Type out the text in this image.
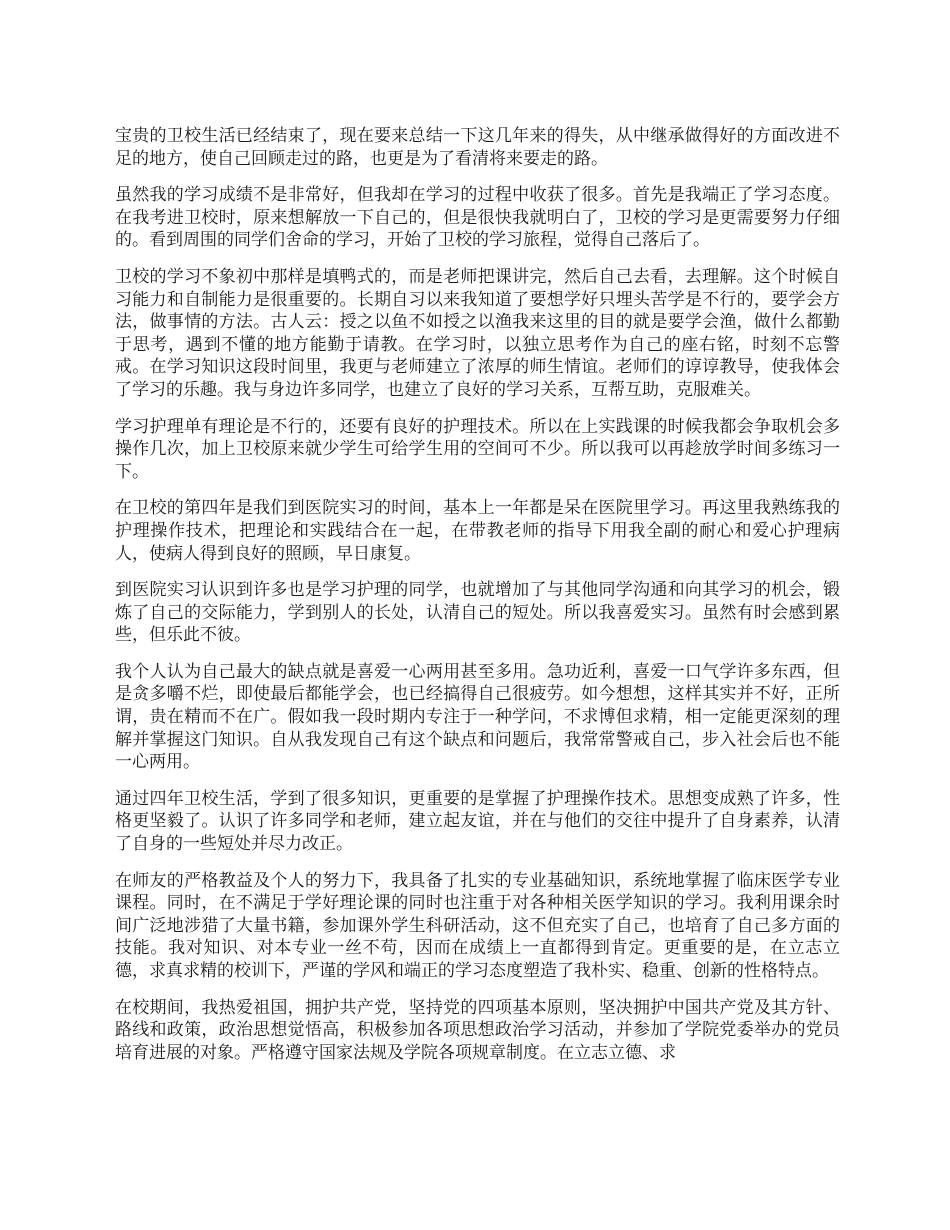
宝贵的卫校生活已经结束了，现在要来总结一下这几年来的得失，从中继承做得好的方面改进不足的地方，使自己回顾走过的路，也更是为了看清将来要走的路。

虽然我的学习成绩不是非常好，但我却在学习的过程中收获了很多。首先是我端正了学习态度。在我考进卫校时，原来想解放一下自己的，但是很快我就明白了，卫校的学习是更需要努力仔细的。看到周围的同学们舍命的学习，开始了卫校的学习旅程，觉得自己落后了。

卫校的学习不象初中那样是填鸭式的，而是老师把课讲完，然后自己去看，去理解。这个时候自习能力和自制能力是很重要的。长期自习以来我知道了要想学好只埋头苦学是不行的，要学会方法，做事情的方法。古人云：授之以鱼不如授之以渔我来这里的目的就是要学会渔，做什么都勤于思考，遇到不懂的地方能勤于请教。在学习时，以独立思考作为自己的座右铭，时刻不忘警戒。在学习知识这段时间里，我更与老师建立了浓厚的师生情谊。老师们的谆谆教导，使我体会了学习的乐趣。我与身边许多同学，也建立了良好的学习关系，互帮互助，克服难关。

学习护理单有理论是不行的，还要有良好的护理技术。所以在上实践课的时候我都会争取机会多操作几次，加上卫校原来就少学生可给学生用的空间可不少。所以我可以再趁放学时间多练习一下。

在卫校的第四年是我们到医院实习的时间，基本上一年都是呆在医院里学习。再这里我熟练我的护理操作技术，把理论和实践结合在一起，在带教老师的指导下用我全副的耐心和爱心护理病人，使病人得到良好的照顾，早日康复。

到医院实习认识到许多也是学习护理的同学，也就增加了与其他同学沟通和向其学习的机会，锻炼了自己的交际能力，学到别人的长处，认清自己的短处。所以我喜爱实习。虽然有时会感到累些，但乐此不彼。

我个人认为自己最大的缺点就是喜爱一心两用甚至多用。急功近利，喜爱一口气学许多东西，但是贪多嚼不烂，即使最后都能学会，也已经搞得自己很疲劳。如今想想，这样其实并不好，正所谓，贵在精而不在广。假如我一段时期内专注于一种学问，不求博但求精，相一定能更深刻的理解并掌握这门知识。自从我发现自己有这个缺点和问题后，我常常警戒自己，步入社会后也不能一心两用。

通过四年卫校生活，学到了很多知识，更重要的是掌握了护理操作技术。思想变成熟了许多，性格更坚毅了。认识了许多同学和老师，建立起友谊，并在与他们的交往中提升了自身素养，认清了自身的一些短处并尽力改正。

在师友的严格教益及个人的努力下，我具备了扎实的专业基础知识，系统地掌握了临床医学专业课程。同时，在不满足于学好理论课的同时也注重于对各种相关医学知识的学习。我利用课余时间广泛地涉猎了大量书籍，参加课外学生科研活动，这不但充实了自己，也培育了自己多方面的技能。我对知识、对本专业一丝不苟，因而在成绩上一直都得到肯定。更重要的是，在立志立德，求真求精的校训下，严谨的学风和端正的学习态度塑造了我朴实、稳重、创新的性格特点。

在校期间，我热爱祖国，拥护共产党，坚持党的四项基本原则，坚决拥护中国共产党及其方针、路线和政策，政治思想觉悟高，积极参加各项思想政治学习活动，并参加了学院党委举办的党员培育进展的对象。严格遵守国家法规及学院各项规章制度。在立志立德、求
